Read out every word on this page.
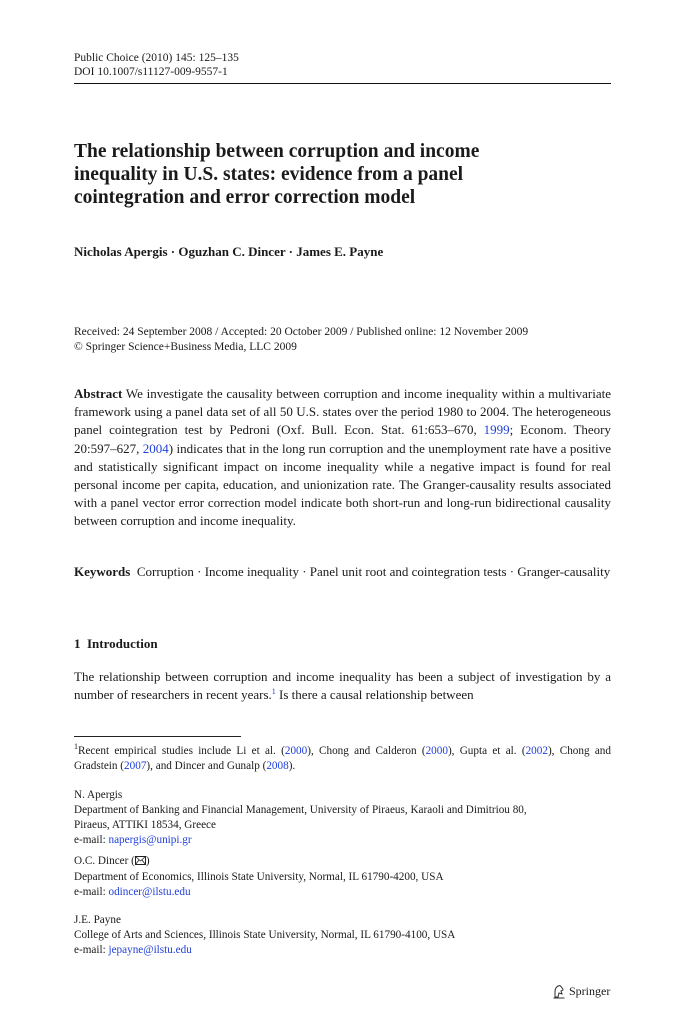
Public Choice (2010) 145: 125–135
DOI 10.1007/s11127-009-9557-1
The relationship between corruption and income
inequality in U.S. states: evidence from a panel
cointegration and error correction model
Nicholas Apergis · Oguzhan C. Dincer · James E. Payne
Received: 24 September 2008 / Accepted: 20 October 2009 / Published online: 12 November 2009
© Springer Science+Business Media, LLC 2009
Abstract We investigate the causality between corruption and income inequality within a multivariate framework using a panel data set of all 50 U.S. states over the period 1980 to 2004. The heterogeneous panel cointegration test by Pedroni (Oxf. Bull. Econ. Stat. 61:653–670, 1999; Econom. Theory 20:597–627, 2004) indicates that in the long run corruption and the unemployment rate have a positive and statistically significant impact on income inequality while a negative impact is found for real personal income per capita, education, and unionization rate. The Granger-causality results associated with a panel vector error correction model indicate both short-run and long-run bidirectional causality between corruption and income inequality.
Keywords Corruption · Income inequality · Panel unit root and cointegration tests · Granger-causality
1 Introduction
The relationship between corruption and income inequality has been a subject of investigation by a number of researchers in recent years.$^1$ Is there a causal relationship between
$^1$Recent empirical studies include Li et al. (2000), Chong and Calderon (2000), Gupta et al. (2002), Chong and Gradstein (2007), and Dincer and Gunalp (2008).
N. Apergis
Department of Banking and Financial Management, University of Piraeus, Karaoli and Dimitriou 80,
Piraeus, ATTIKI 18534, Greece
e-mail: napergis@unipi.gr
O.C. Dincer ( )
Department of Economics, Illinois State University, Normal, IL 61790-4200, USA
e-mail: odincer@ilstu.edu
J.E. Payne
College of Arts and Sciences, Illinois State University, Normal, IL 61790-4100, USA
e-mail: jepayne@ilstu.edu
Springer
